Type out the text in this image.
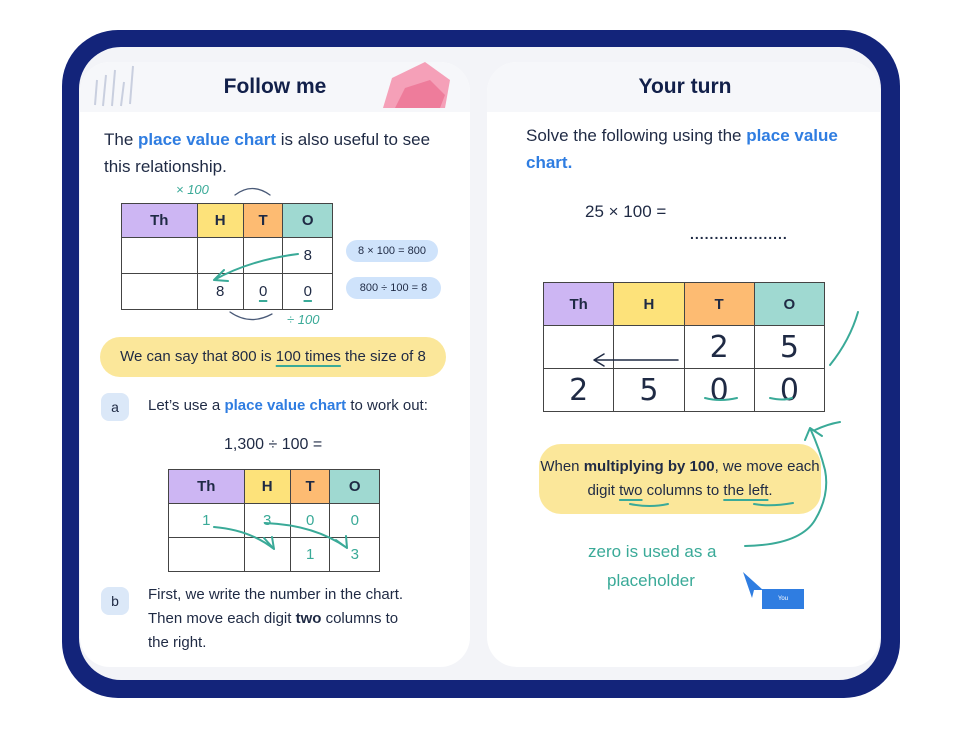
Follow me
The place value chart is also useful to see this relationship.
× 100
÷ 100
Th	H	T	O
			8
	8	0	0
8 × 100 = 800
800 ÷ 100 = 8
We can say that 800 is 100 times the size of 8
a	Let’s use a place value chart to work out:
1,300 ÷ 100 =
Th	H	T	O
1	3	0	0
		1	3
b	First, we write the number in the chart.
Then move each digit two columns to
the right.
Your turn
Solve the following using the place value chart.
25 × 100 =
....................
Th	H	T	O
		2	5
2	5	0	0
When multiplying by 100, we move each digit two columns to the left.
zero is used as a
placeholder
You
